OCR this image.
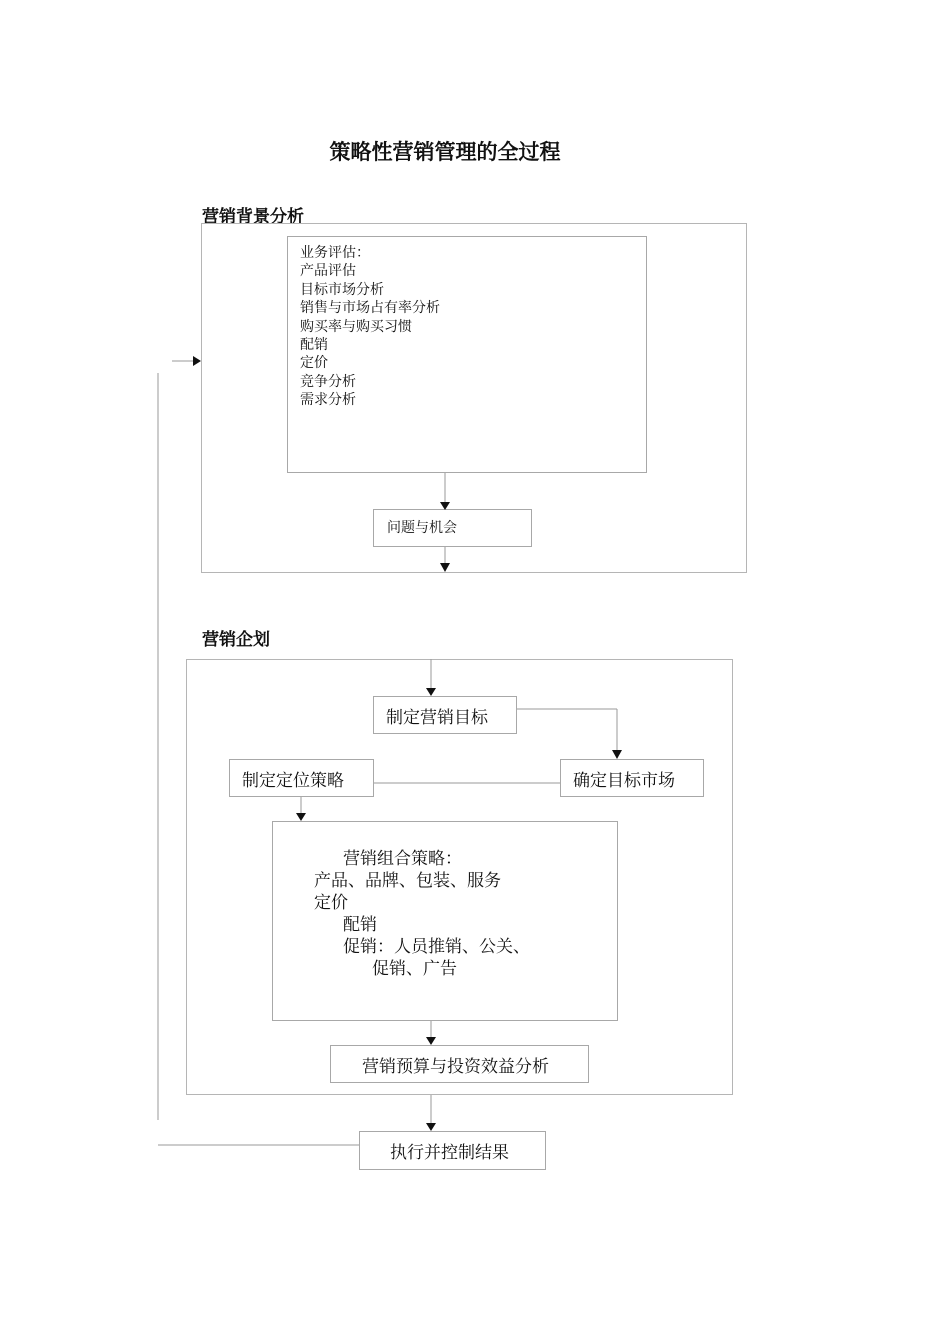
策略性营销管理的全过程
营销背景分析
业务评估：
产品评估
目标市场分析
销售与市场占有率分析
购买率与购买习惯
配销
定价
竞争分析
需求分析
问题与机会
营销企划
制定营销目标
制定定位策略	确定目标市场
营销组合策略：
产品、品牌、包装、服务
定价
配销
促销：人员推销、公关、
促销、广告
营销预算与投资效益分析
执行并控制结果
